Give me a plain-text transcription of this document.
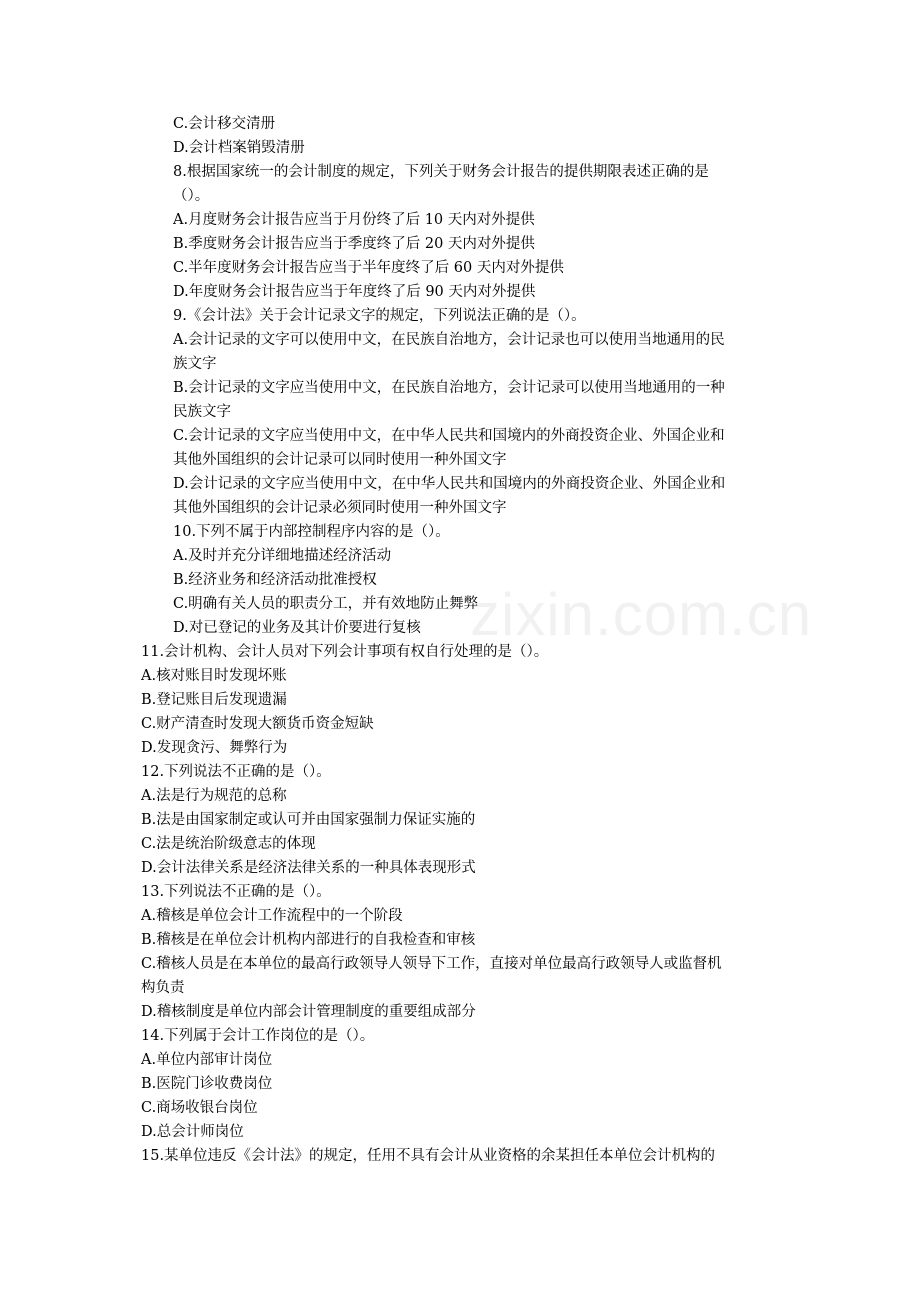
zixin.com.cn
C.会计移交清册
D.会计档案销毁清册
8.根据国家统一的会计制度的规定，下列关于财务会计报告的提供期限表述正确的是
（）。
A.月度财务会计报告应当于月份终了后 10 天内对外提供
B.季度财务会计报告应当于季度终了后 20 天内对外提供
C.半年度财务会计报告应当于半年度终了后 60 天内对外提供
D.年度财务会计报告应当于年度终了后 90 天内对外提供
9.《会计法》关于会计记录文字的规定，下列说法正确的是（）。
A.会计记录的文字可以使用中文，在民族自治地方，会计记录也可以使用当地通用的民
族文字
B.会计记录的文字应当使用中文，在民族自治地方，会计记录可以使用当地通用的一种
民族文字
C.会计记录的文字应当使用中文，在中华人民共和国境内的外商投资企业、外国企业和
其他外国组织的会计记录可以同时使用一种外国文字
D.会计记录的文字应当使用中文，在中华人民共和国境内的外商投资企业、外国企业和
其他外国组织的会计记录必须同时使用一种外国文字
10.下列不属于内部控制程序内容的是（）。
A.及时并充分详细地描述经济活动
B.经济业务和经济活动批准授权
C.明确有关人员的职责分工，并有效地防止舞弊
D.对已登记的业务及其计价要进行复核
11.会计机构、会计人员对下列会计事项有权自行处理的是（）。
A.核对账目时发现坏账
B.登记账目后发现遗漏
C.财产清查时发现大额货币资金短缺
D.发现贪污、舞弊行为
12.下列说法不正确的是（）。
A.法是行为规范的总称
B.法是由国家制定或认可并由国家强制力保证实施的
C.法是统治阶级意志的体现
D.会计法律关系是经济法律关系的一种具体表现形式
13.下列说法不正确的是（）。
A.稽核是单位会计工作流程中的一个阶段
B.稽核是在单位会计机构内部进行的自我检查和审核
C.稽核人员是在本单位的最高行政领导人领导下工作，直接对单位最高行政领导人或监督机
构负责
D.稽核制度是单位内部会计管理制度的重要组成部分
14.下列属于会计工作岗位的是（）。
A.单位内部审计岗位
B.医院门诊收费岗位
C.商场收银台岗位
D.总会计师岗位
15.某单位违反《会计法》的规定，任用不具有会计从业资格的余某担任本单位会计机构的
